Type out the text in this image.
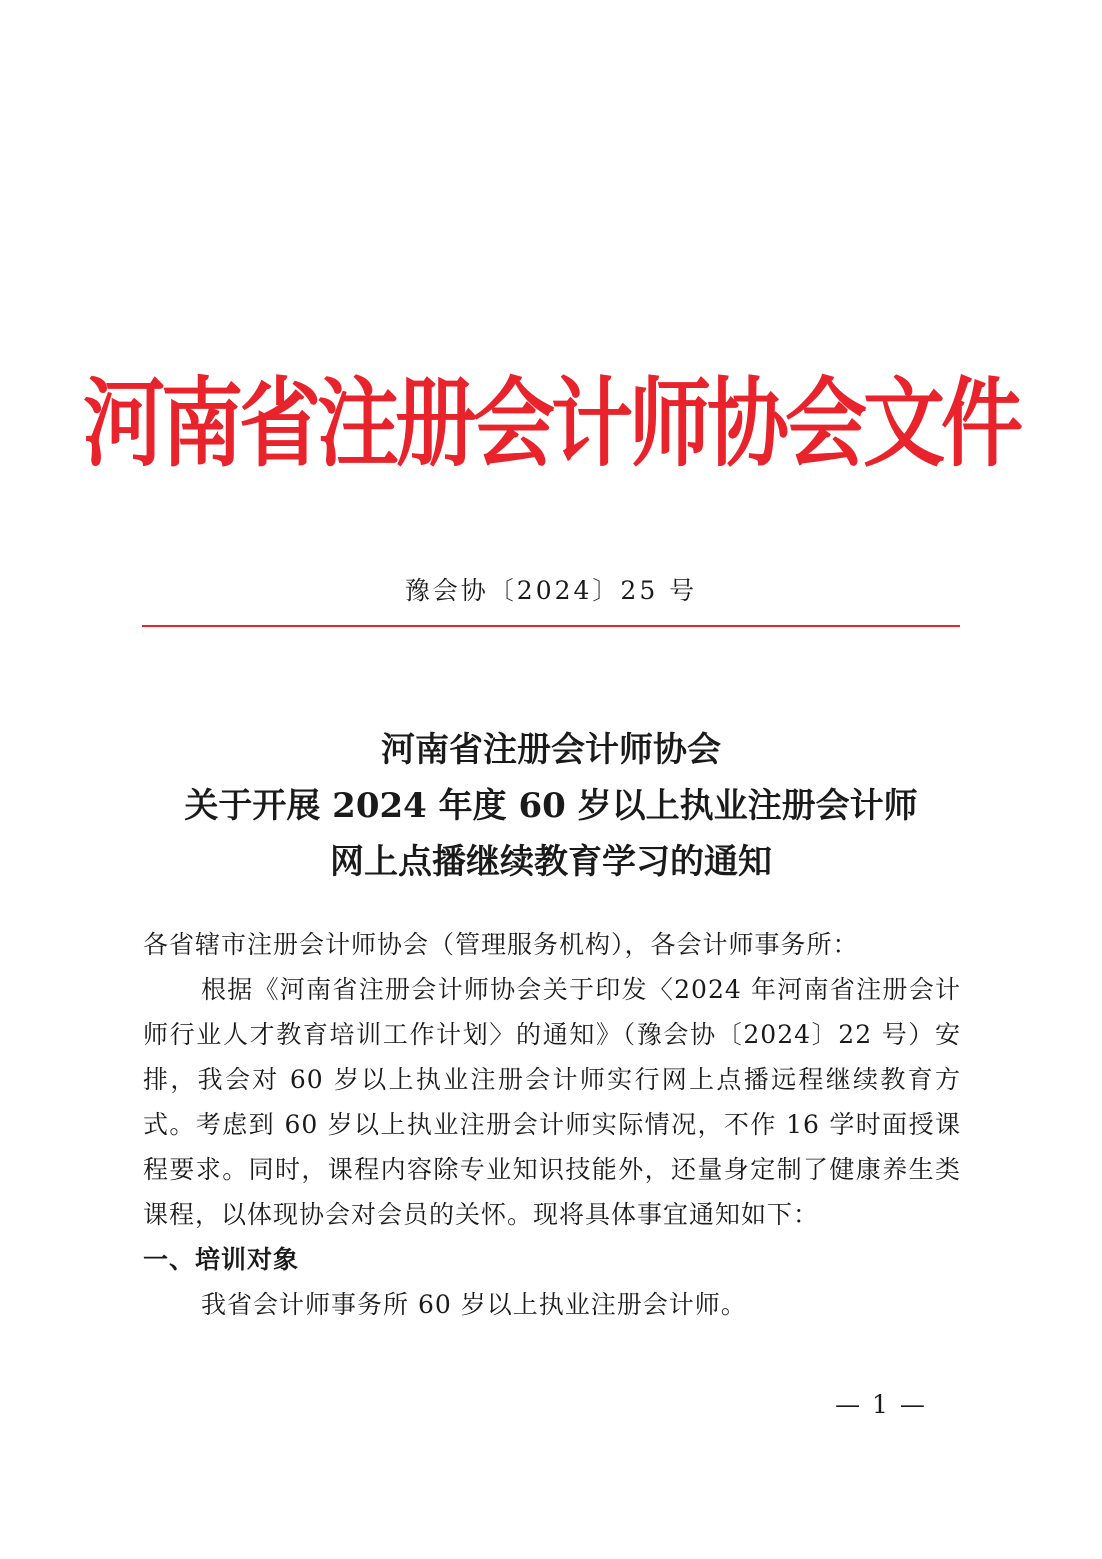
河南省注册会计师协会文件
豫会协〔2024〕25 号
河南省注册会计师协会
关于开展 2024 年度 60 岁以上执业注册会计师
网上点播继续教育学习的通知

各省辖市注册会计师协会（管理服务机构），各会计师事务所：

根据《河南省注册会计师协会关于印发〈2024 年河南省注册会计师行业人才教育培训工作计划〉的通知》（豫会协〔2024〕22 号）安排，我会对 60 岁以上执业注册会计师实行网上点播远程继续教育方式。考虑到 60 岁以上执业注册会计师实际情况，不作 16 学时面授课程要求。同时，课程内容除专业知识技能外，还量身定制了健康养生类课程，以体现协会对会员的关怀。现将具体事宜通知如下：

一、培训对象

我省会计师事务所 60 岁以上执业注册会计师。

— 1 —
